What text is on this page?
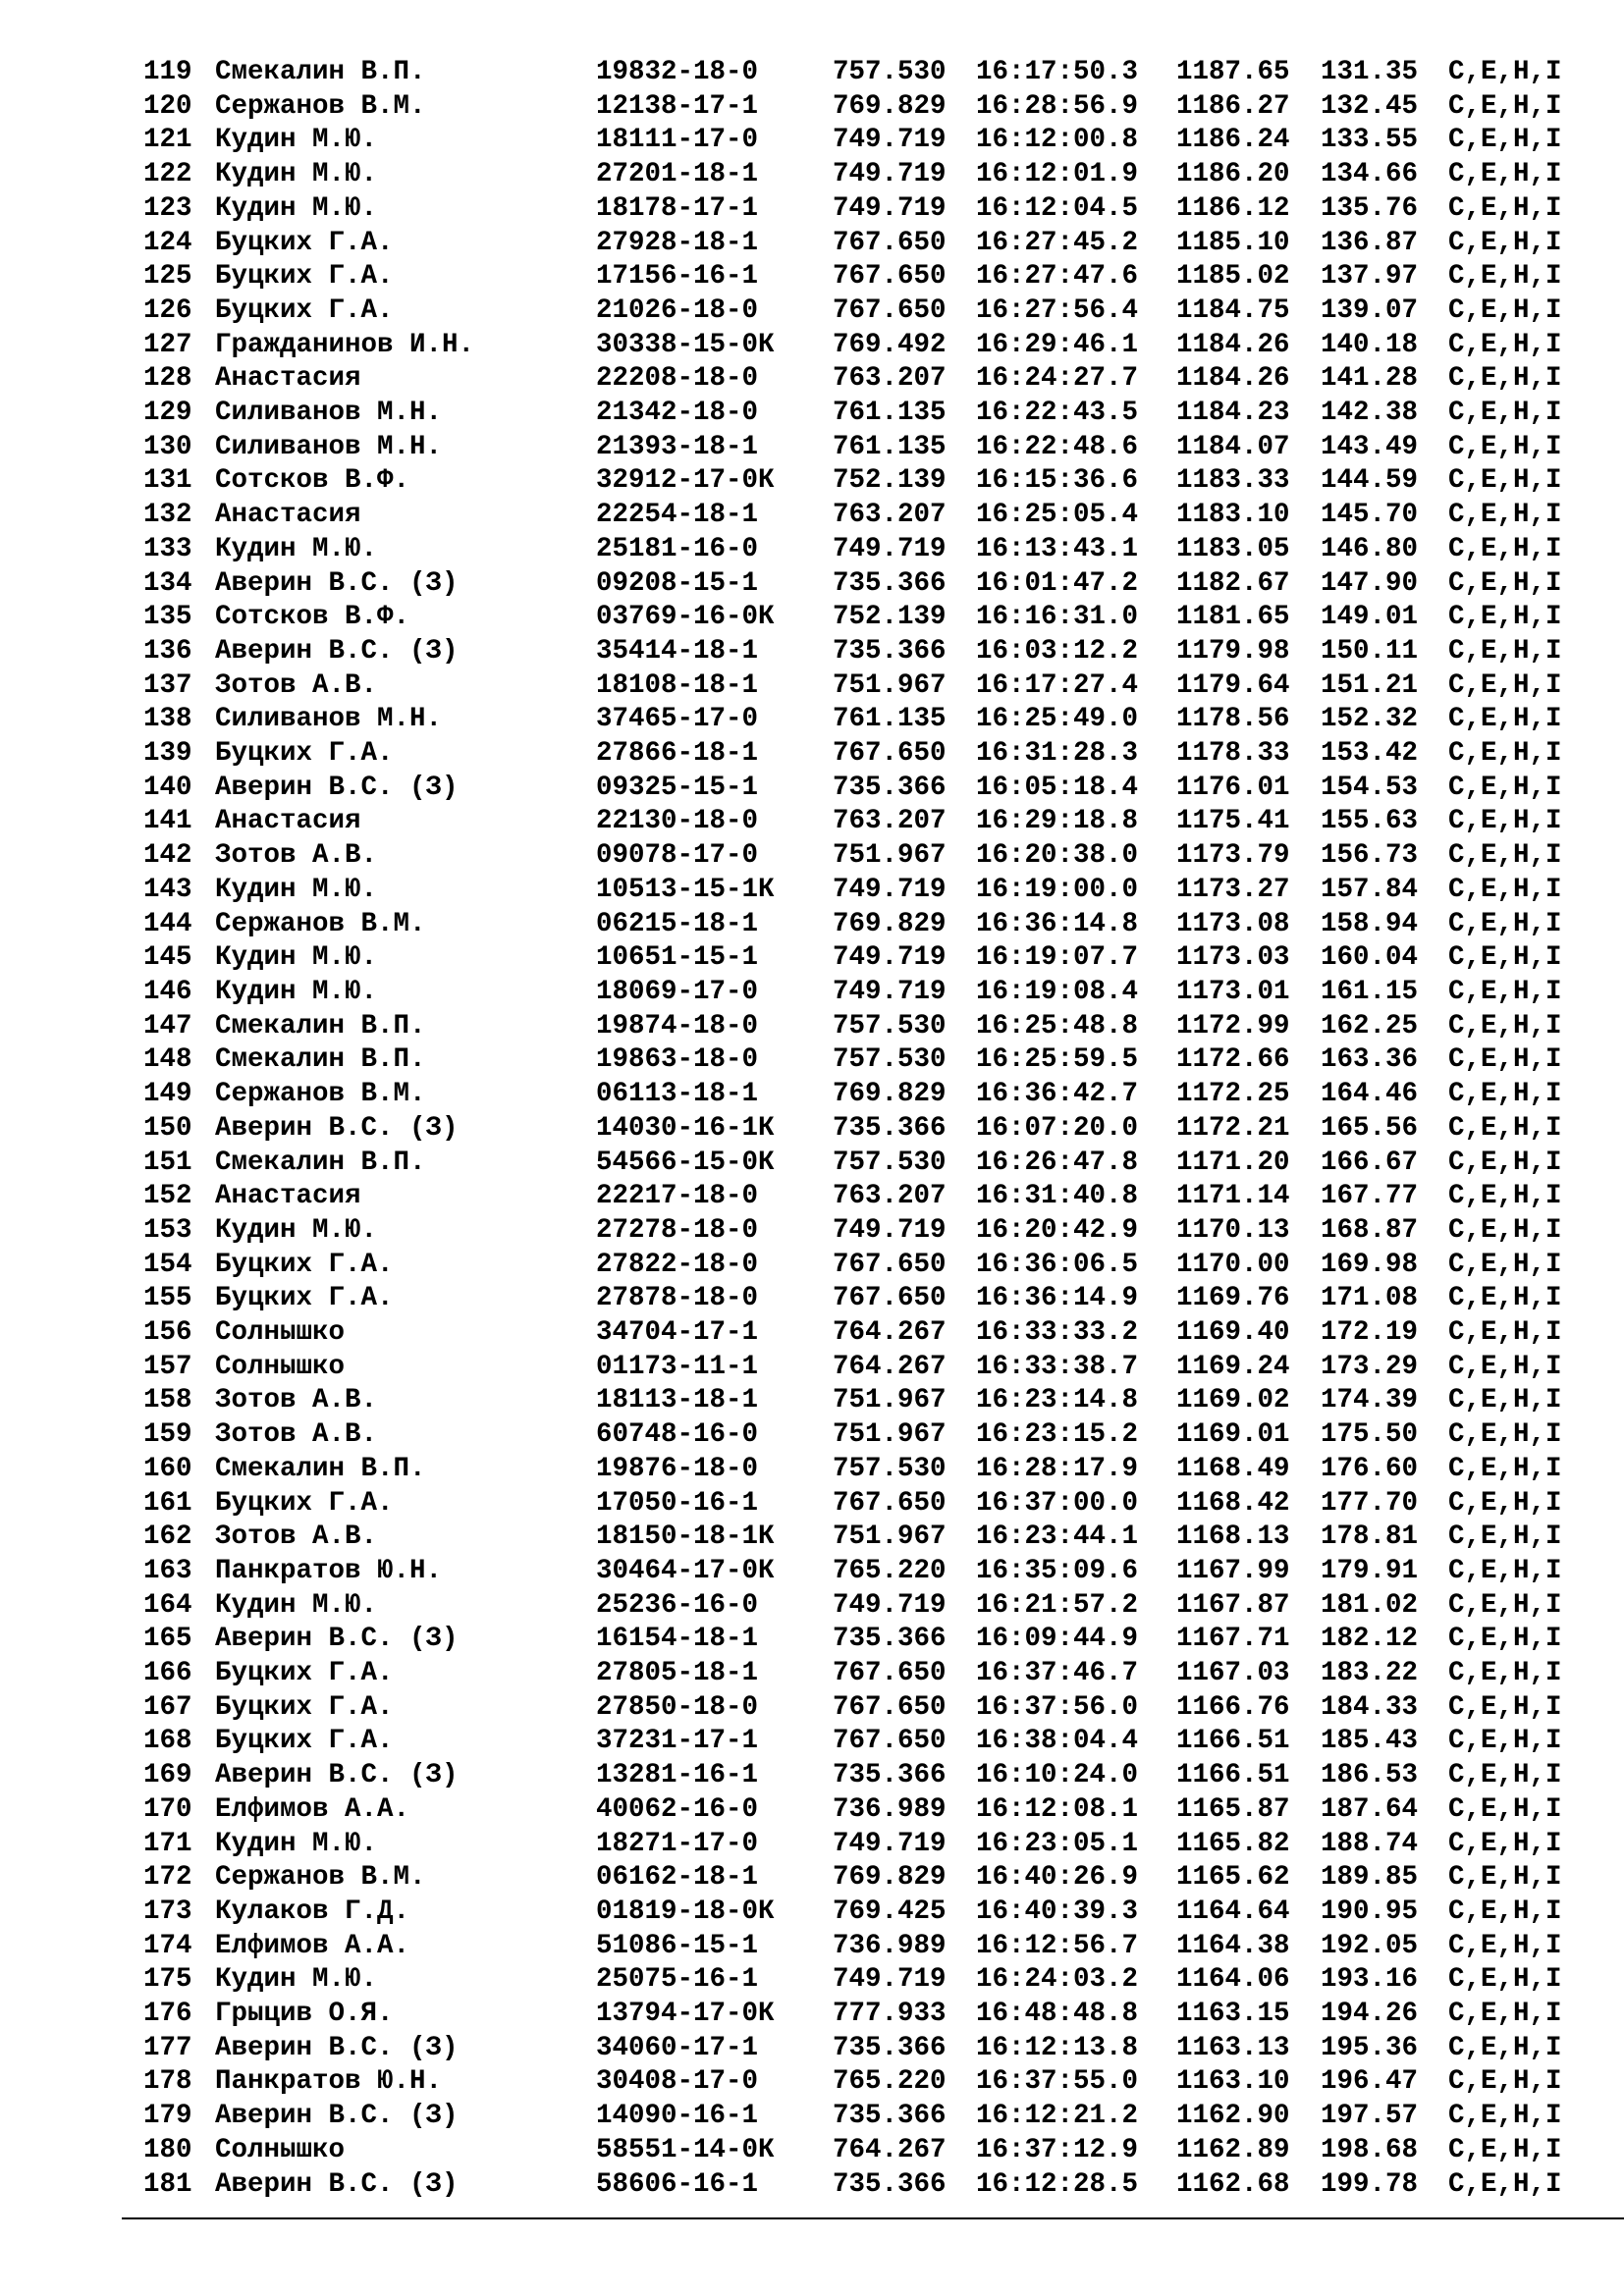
119	Смекалин В.П.	19832-18-0	757.530	16:17:50.3	1187.65	131.35	C,E,H,I
120	Сержанов В.М.	12138-17-1	769.829	16:28:56.9	1186.27	132.45	C,E,H,I
121	Кудин М.Ю.	18111-17-0	749.719	16:12:00.8	1186.24	133.55	C,E,H,I
122	Кудин М.Ю.	27201-18-1	749.719	16:12:01.9	1186.20	134.66	C,E,H,I
123	Кудин М.Ю.	18178-17-1	749.719	16:12:04.5	1186.12	135.76	C,E,H,I
124	Буцких Г.А.	27928-18-1	767.650	16:27:45.2	1185.10	136.87	C,E,H,I
125	Буцких Г.А.	17156-16-1	767.650	16:27:47.6	1185.02	137.97	C,E,H,I
126	Буцких Г.А.	21026-18-0	767.650	16:27:56.4	1184.75	139.07	C,E,H,I
127	Гражданинов И.Н.	30338-15-0К	769.492	16:29:46.1	1184.26	140.18	C,E,H,I
128	Анастасия	22208-18-0	763.207	16:24:27.7	1184.26	141.28	C,E,H,I
129	Силиванов М.Н.	21342-18-0	761.135	16:22:43.5	1184.23	142.38	C,E,H,I
130	Силиванов М.Н.	21393-18-1	761.135	16:22:48.6	1184.07	143.49	C,E,H,I
131	Сотсков В.Ф.	32912-17-0К	752.139	16:15:36.6	1183.33	144.59	C,E,H,I
132	Анастасия	22254-18-1	763.207	16:25:05.4	1183.10	145.70	C,E,H,I
133	Кудин М.Ю.	25181-16-0	749.719	16:13:43.1	1183.05	146.80	C,E,H,I
134	Аверин В.С. (З)	09208-15-1	735.366	16:01:47.2	1182.67	147.90	C,E,H,I
135	Сотсков В.Ф.	03769-16-0К	752.139	16:16:31.0	1181.65	149.01	C,E,H,I
136	Аверин В.С. (З)	35414-18-1	735.366	16:03:12.2	1179.98	150.11	C,E,H,I
137	Зотов А.В.	18108-18-1	751.967	16:17:27.4	1179.64	151.21	C,E,H,I
138	Силиванов М.Н.	37465-17-0	761.135	16:25:49.0	1178.56	152.32	C,E,H,I
139	Буцких Г.А.	27866-18-1	767.650	16:31:28.3	1178.33	153.42	C,E,H,I
140	Аверин В.С. (З)	09325-15-1	735.366	16:05:18.4	1176.01	154.53	C,E,H,I
141	Анастасия	22130-18-0	763.207	16:29:18.8	1175.41	155.63	C,E,H,I
142	Зотов А.В.	09078-17-0	751.967	16:20:38.0	1173.79	156.73	C,E,H,I
143	Кудин М.Ю.	10513-15-1К	749.719	16:19:00.0	1173.27	157.84	C,E,H,I
144	Сержанов В.М.	06215-18-1	769.829	16:36:14.8	1173.08	158.94	C,E,H,I
145	Кудин М.Ю.	10651-15-1	749.719	16:19:07.7	1173.03	160.04	C,E,H,I
146	Кудин М.Ю.	18069-17-0	749.719	16:19:08.4	1173.01	161.15	C,E,H,I
147	Смекалин В.П.	19874-18-0	757.530	16:25:48.8	1172.99	162.25	C,E,H,I
148	Смекалин В.П.	19863-18-0	757.530	16:25:59.5	1172.66	163.36	C,E,H,I
149	Сержанов В.М.	06113-18-1	769.829	16:36:42.7	1172.25	164.46	C,E,H,I
150	Аверин В.С. (З)	14030-16-1К	735.366	16:07:20.0	1172.21	165.56	C,E,H,I
151	Смекалин В.П.	54566-15-0К	757.530	16:26:47.8	1171.20	166.67	C,E,H,I
152	Анастасия	22217-18-0	763.207	16:31:40.8	1171.14	167.77	C,E,H,I
153	Кудин М.Ю.	27278-18-0	749.719	16:20:42.9	1170.13	168.87	C,E,H,I
154	Буцких Г.А.	27822-18-0	767.650	16:36:06.5	1170.00	169.98	C,E,H,I
155	Буцких Г.А.	27878-18-0	767.650	16:36:14.9	1169.76	171.08	C,E,H,I
156	Солнышко	34704-17-1	764.267	16:33:33.2	1169.40	172.19	C,E,H,I
157	Солнышко	01173-11-1	764.267	16:33:38.7	1169.24	173.29	C,E,H,I
158	Зотов А.В.	18113-18-1	751.967	16:23:14.8	1169.02	174.39	C,E,H,I
159	Зотов А.В.	60748-16-0	751.967	16:23:15.2	1169.01	175.50	C,E,H,I
160	Смекалин В.П.	19876-18-0	757.530	16:28:17.9	1168.49	176.60	C,E,H,I
161	Буцких Г.А.	17050-16-1	767.650	16:37:00.0	1168.42	177.70	C,E,H,I
162	Зотов А.В.	18150-18-1К	751.967	16:23:44.1	1168.13	178.81	C,E,H,I
163	Панкратов Ю.Н.	30464-17-0К	765.220	16:35:09.6	1167.99	179.91	C,E,H,I
164	Кудин М.Ю.	25236-16-0	749.719	16:21:57.2	1167.87	181.02	C,E,H,I
165	Аверин В.С. (З)	16154-18-1	735.366	16:09:44.9	1167.71	182.12	C,E,H,I
166	Буцких Г.А.	27805-18-1	767.650	16:37:46.7	1167.03	183.22	C,E,H,I
167	Буцких Г.А.	27850-18-0	767.650	16:37:56.0	1166.76	184.33	C,E,H,I
168	Буцких Г.А.	37231-17-1	767.650	16:38:04.4	1166.51	185.43	C,E,H,I
169	Аверин В.С. (З)	13281-16-1	735.366	16:10:24.0	1166.51	186.53	C,E,H,I
170	Елфимов А.А.	40062-16-0	736.989	16:12:08.1	1165.87	187.64	C,E,H,I
171	Кудин М.Ю.	18271-17-0	749.719	16:23:05.1	1165.82	188.74	C,E,H,I
172	Сержанов В.М.	06162-18-1	769.829	16:40:26.9	1165.62	189.85	C,E,H,I
173	Кулаков Г.Д.	01819-18-0К	769.425	16:40:39.3	1164.64	190.95	C,E,H,I
174	Елфимов А.А.	51086-15-1	736.989	16:12:56.7	1164.38	192.05	C,E,H,I
175	Кудин М.Ю.	25075-16-1	749.719	16:24:03.2	1164.06	193.16	C,E,H,I
176	Грыцив О.Я.	13794-17-0К	777.933	16:48:48.8	1163.15	194.26	C,E,H,I
177	Аверин В.С. (З)	34060-17-1	735.366	16:12:13.8	1163.13	195.36	C,E,H,I
178	Панкратов Ю.Н.	30408-17-0	765.220	16:37:55.0	1163.10	196.47	C,E,H,I
179	Аверин В.С. (З)	14090-16-1	735.366	16:12:21.2	1162.90	197.57	C,E,H,I
180	Солнышко	58551-14-0К	764.267	16:37:12.9	1162.89	198.68	C,E,H,I
181	Аверин В.С. (З)	58606-16-1	735.366	16:12:28.5	1162.68	199.78	C,E,H,I
